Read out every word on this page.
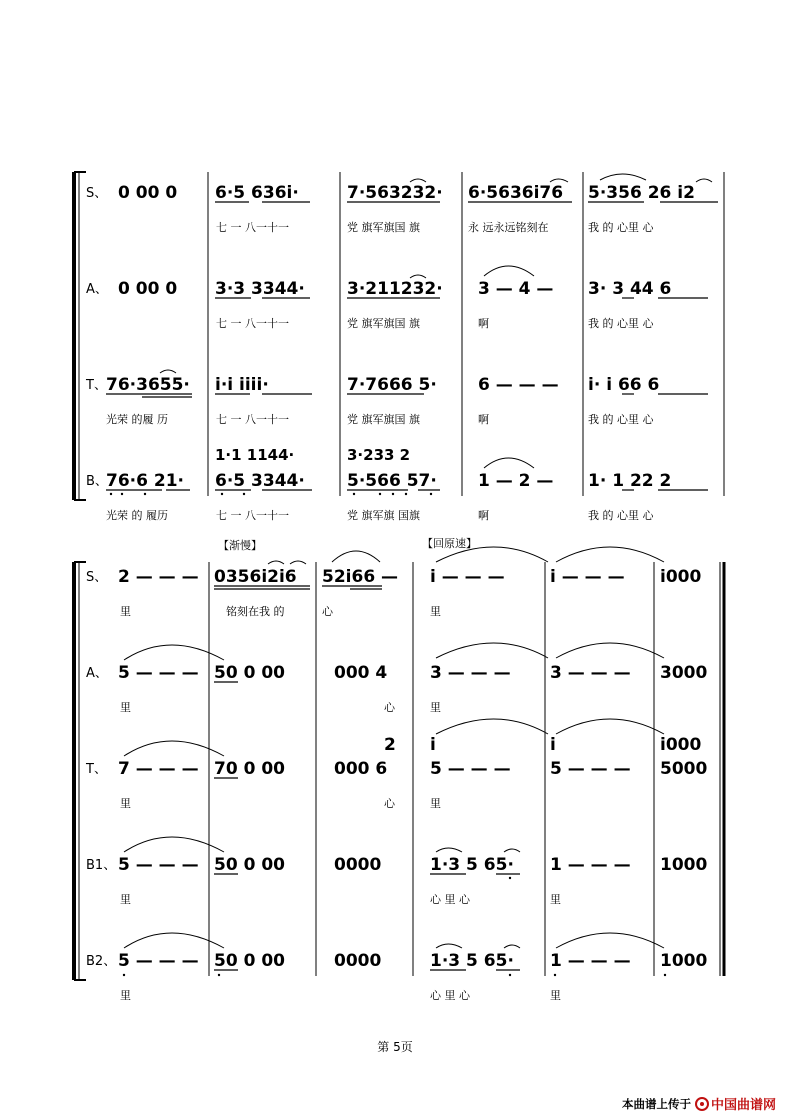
S、 0 00 0 6·5 636i·	7·563232· 6·5636i76 5·356 26 i2
七 一 八一十一	党 旗军旗国 旗	永 远永远铭刻在	我 的 心里 心
A、 0 00 0 3·3 3344· 3·211232· 3 — 4 — 3· 3 44 6
七 一 八一十一	党 旗军旗国 旗	啊	我 的 心里 心
T、 76·3655· i·i iiii·	7·7666 5· 6 — — — i· i 66 6
光荣 的履 历	七 一 八一十一	党 旗军旗国 旗	啊	我 的 心里 心
B、
1·1 1144·	3·233 2
76·6 21· 6·5 3344· 5·566 57· 1 — 2 — 1· 1 22 2
光荣 的 履历	七 一 八一十一	党 旗军旗 国旗	啊	我 的 心里 心
【渐慢】	【回原速】
S、 2 — — — 0356i2i6 52i66 — i — — —	i — — — i000
里	铭刻在我 的	心	里
A、 5 — — — 50 0 00	000 4	3 — — — 3 — — — 3000
里	心	里
T、
2 i	i	i000
7 — — — 70 0 00	000 6	5 — — — 5 — — — 5000
里	心	里
B1、 5 — — — 50 0 00	0000	1·3 5 65· 1 — — — 1000
里	心 里 心	里
B2、 5 — — — 50 0 00	0000	1·3 5 65· 1 — — — 1000
里	心 里 心	里
第 5页
本曲谱上传于 中国曲谱网
